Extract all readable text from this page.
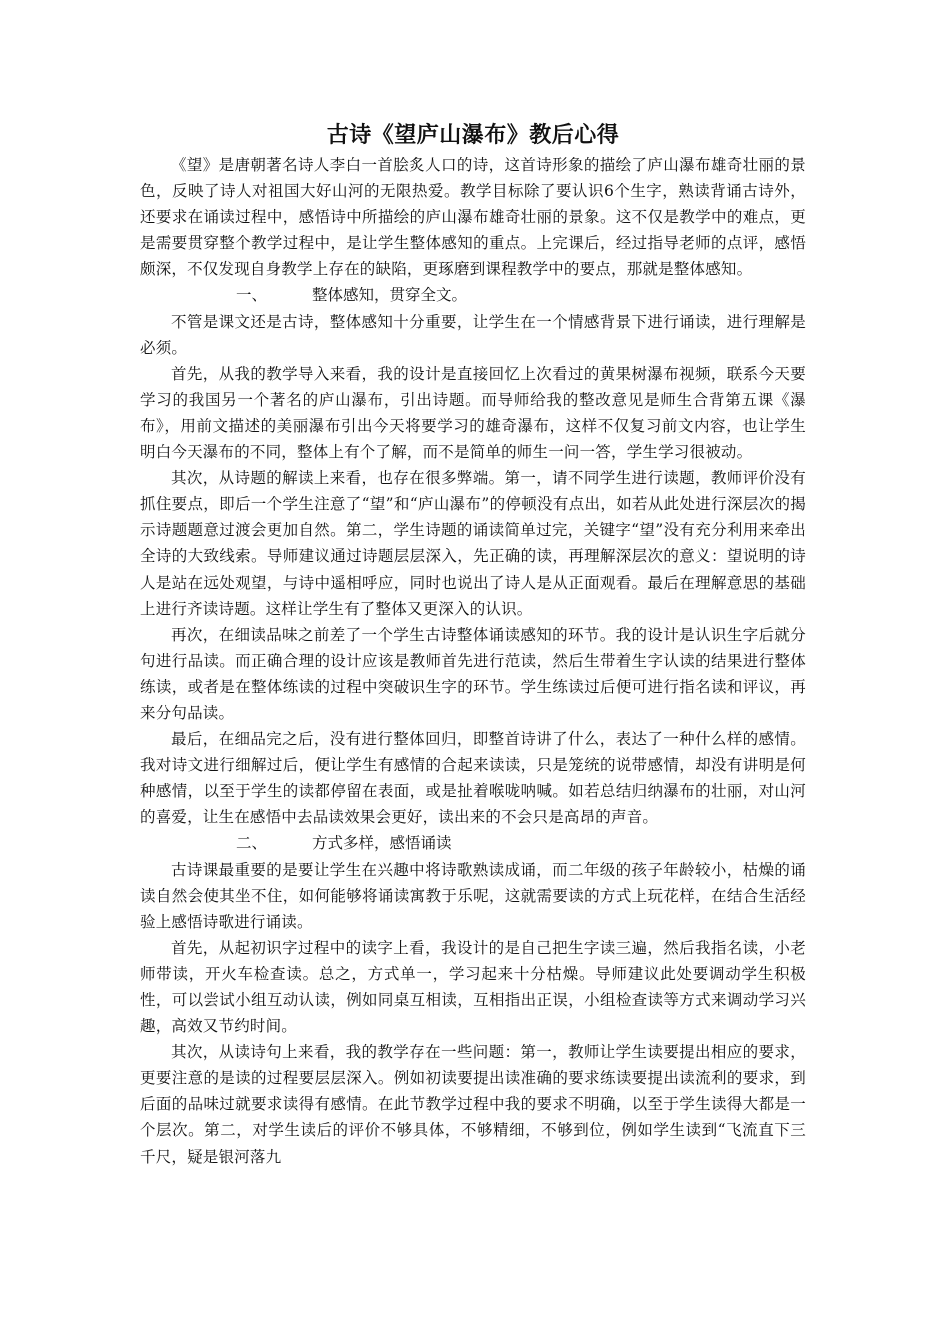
古诗《望庐山瀑布》教后心得

《望》是唐朝著名诗人李白一首脍炙人口的诗，这首诗形象的描绘了庐山瀑布雄奇壮丽的景色，反映了诗人对祖国大好山河的无限热爱。教学目标除了要认识6个生字，熟读背诵古诗外，还要求在诵读过程中，感悟诗中所描绘的庐山瀑布雄奇壮丽的景象。这不仅是教学中的难点，更是需要贯穿整个教学过程中，是让学生整体感知的重点。上完课后，经过指导老师的点评，感悟颇深，不仅发现自身教学上存在的缺陷，更琢磨到课程教学中的要点，那就是整体感知。

一、	整体感知，贯穿全文。

不管是课文还是古诗，整体感知十分重要，让学生在一个情感背景下进行诵读，进行理解是必须。

首先，从我的教学导入来看，我的设计是直接回忆上次看过的黄果树瀑布视频，联系今天要学习的我国另一个著名的庐山瀑布，引出诗题。而导师给我的整改意见是师生合背第五课《瀑布》，用前文描述的美丽瀑布引出今天将要学习的雄奇瀑布，这样不仅复习前文内容，也让学生明白今天瀑布的不同，整体上有个了解，而不是简单的师生一问一答，学生学习很被动。

其次，从诗题的解读上来看，也存在很多弊端。第一，请不同学生进行读题，教师评价没有抓住要点，即后一个学生注意了“望”和“庐山瀑布”的停顿没有点出，如若从此处进行深层次的揭示诗题题意过渡会更加自然。第二，学生诗题的诵读简单过完，关键字“望”没有充分利用来牵出全诗的大致线索。导师建议通过诗题层层深入，先正确的读，再理解深层次的意义：望说明的诗人是站在远处观望，与诗中遥相呼应，同时也说出了诗人是从正面观看。最后在理解意思的基础上进行齐读诗题。这样让学生有了整体又更深入的认识。

再次，在细读品味之前差了一个学生古诗整体诵读感知的环节。我的设计是认识生字后就分句进行品读。而正确合理的设计应该是教师首先进行范读，然后生带着生字认读的结果进行整体练读，或者是在整体练读的过程中突破识生字的环节。学生练读过后便可进行指名读和评议，再来分句品读。

最后，在细品完之后，没有进行整体回归，即整首诗讲了什么，表达了一种什么样的感情。我对诗文进行细解过后，便让学生有感情的合起来读读，只是笼统的说带感情，却没有讲明是何种感情，以至于学生的读都停留在表面，或是扯着喉咙呐喊。如若总结归纳瀑布的壮丽，对山河的喜爱，让生在感悟中去品读效果会更好，读出来的不会只是高昂的声音。

二、	方式多样，感悟诵读

古诗课最重要的是要让学生在兴趣中将诗歌熟读成诵，而二年级的孩子年龄较小，枯燥的诵读自然会使其坐不住，如何能够将诵读寓教于乐呢，这就需要读的方式上玩花样，在结合生活经验上感悟诗歌进行诵读。

首先，从起初识字过程中的读字上看，我设计的是自己把生字读三遍，然后我指名读，小老师带读，开火车检查读。总之，方式单一，学习起来十分枯燥。导师建议此处要调动学生积极性，可以尝试小组互动认读，例如同桌互相读，互相指出正误，小组检查读等方式来调动学习兴趣，高效又节约时间。

其次，从读诗句上来看，我的教学存在一些问题：第一，教师让学生读要提出相应的要求，更要注意的是读的过程要层层深入。例如初读要提出读准确的要求练读要提出读流利的要求，到后面的品味过就要求读得有感情。在此节教学过程中我的要求不明确，以至于学生读得大都是一个层次。第二，对学生读后的评价不够具体，不够精细，不够到位，例如学生读到“飞流直下三千尺，疑是银河落九
